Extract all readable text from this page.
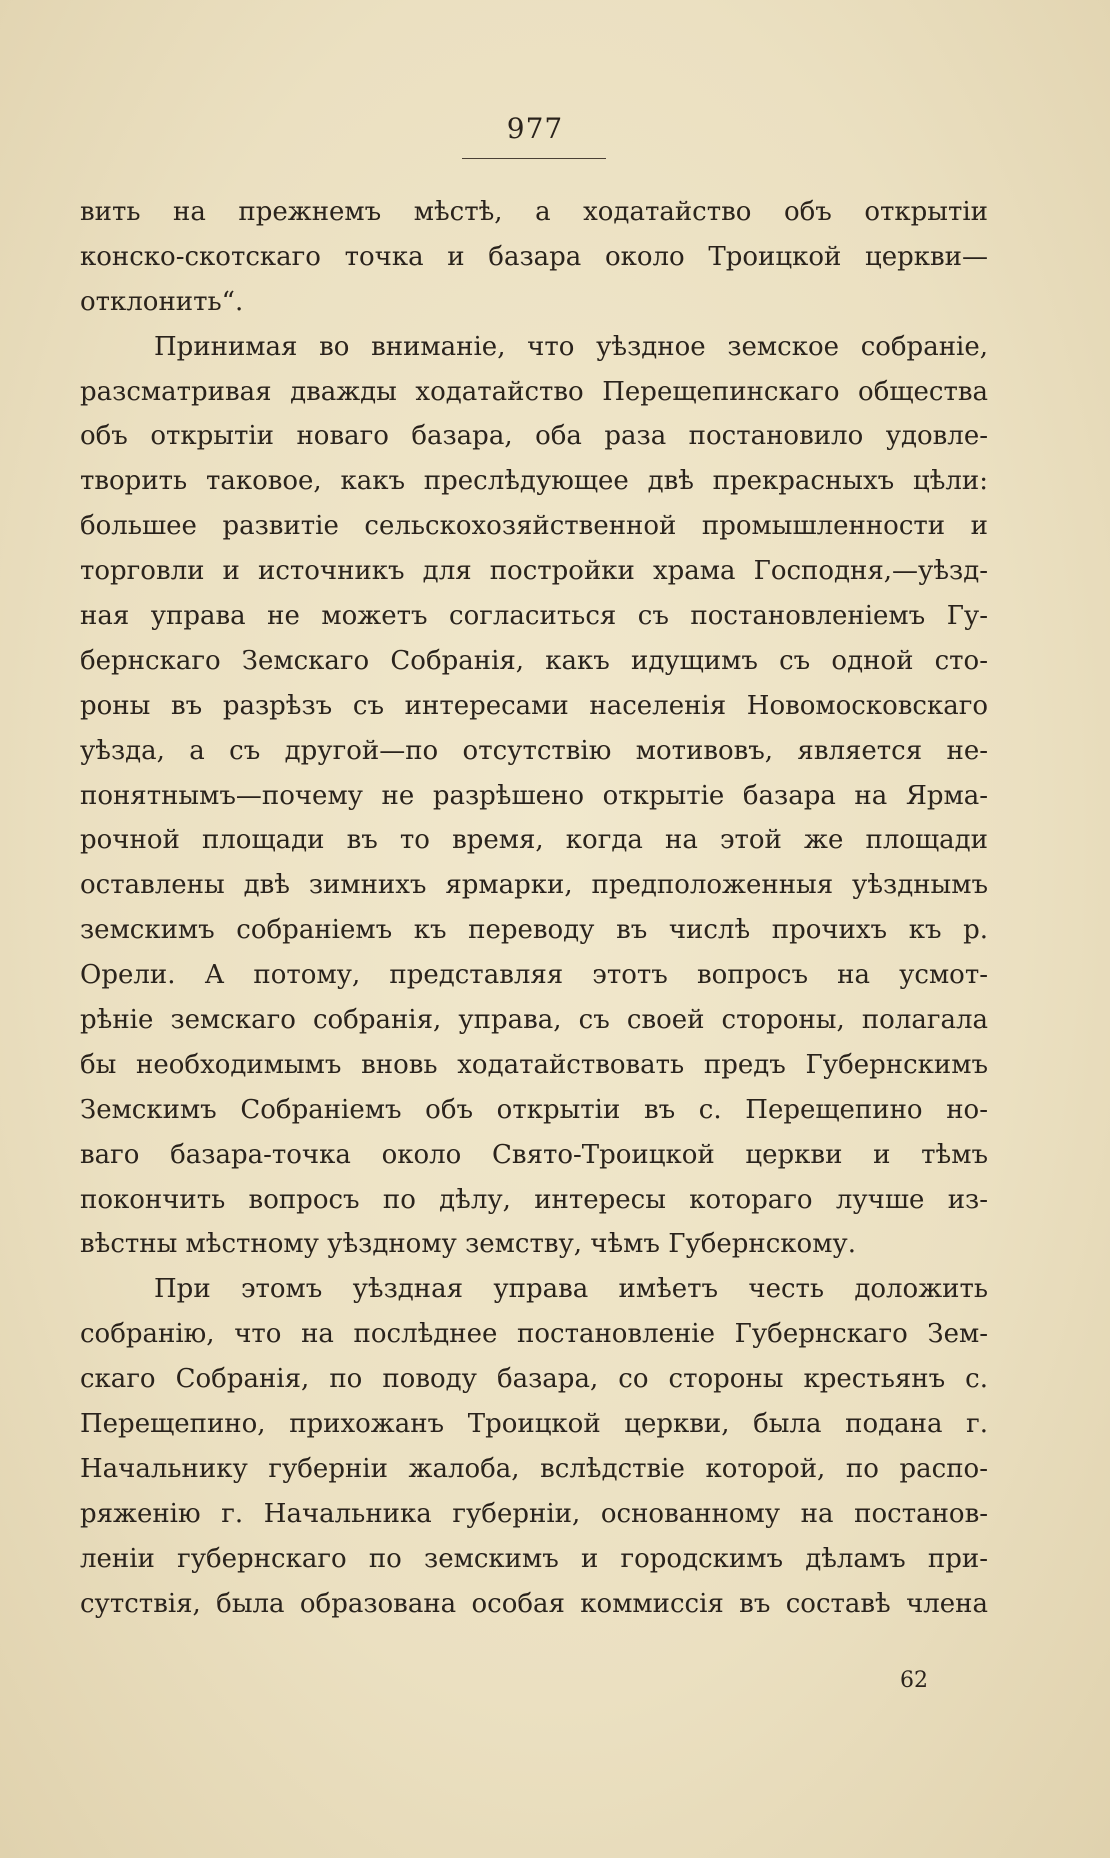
977
вить на прежнемъ мѣстѣ, а ходатайство объ открытіи
конско-скотскаго точка и базара около Троицкой церкви—
отклонить“.
Принимая во вниманіе, что уѣздное земское собраніе,
разсматривая дважды ходатайство Перещепинскаго общества
объ открытіи новаго базара, оба раза постановило удовле-
творить таковое, какъ преслѣдующее двѣ прекрасныхъ цѣли:
большее развитіе сельскохозяйственной промышленности и
торговли и источникъ для постройки храма Господня,—уѣзд-
ная управа не можетъ согласиться съ постановленіемъ Гу-
бернскаго Земскаго Собранія, какъ идущимъ съ одной сто-
роны въ разрѣзъ съ интересами населенія Новомосковскаго
уѣзда, а съ другой—по отсутствію мотивовъ, является не-
понятнымъ—почему не разрѣшено открытіе базара на Ярма-
рочной площади въ то время, когда на этой же площади
оставлены двѣ зимнихъ ярмарки, предположенныя уѣзднымъ
земскимъ собраніемъ къ переводу въ числѣ прочихъ къ р.
Орели. А потому, представляя этотъ вопросъ на усмот-
рѣніе земскаго собранія, управа, съ своей стороны, полагала
бы необходимымъ вновь ходатайствовать предъ Губернскимъ
Земскимъ Собраніемъ объ открытіи въ с. Перещепино но-
ваго базара-точка около Свято-Троицкой церкви и тѣмъ
покончить вопросъ по дѣлу, интересы котораго лучше из-
вѣстны мѣстному уѣздному земству, чѣмъ Губернскому.
При этомъ уѣздная управа имѣетъ честь доложить
собранію, что на послѣднее постановленіе Губернскаго Зем-
скаго Собранія, по поводу базара, со стороны крестьянъ с.
Перещепино, прихожанъ Троицкой церкви, была подана г.
Начальнику губерніи жалоба, вслѣдствіе которой, по распо-
ряженію г. Начальника губерніи, основанному на постанов-
леніи губернскаго по земскимъ и городскимъ дѣламъ при-
сутствія, была образована особая коммиссія въ составѣ члена
62
